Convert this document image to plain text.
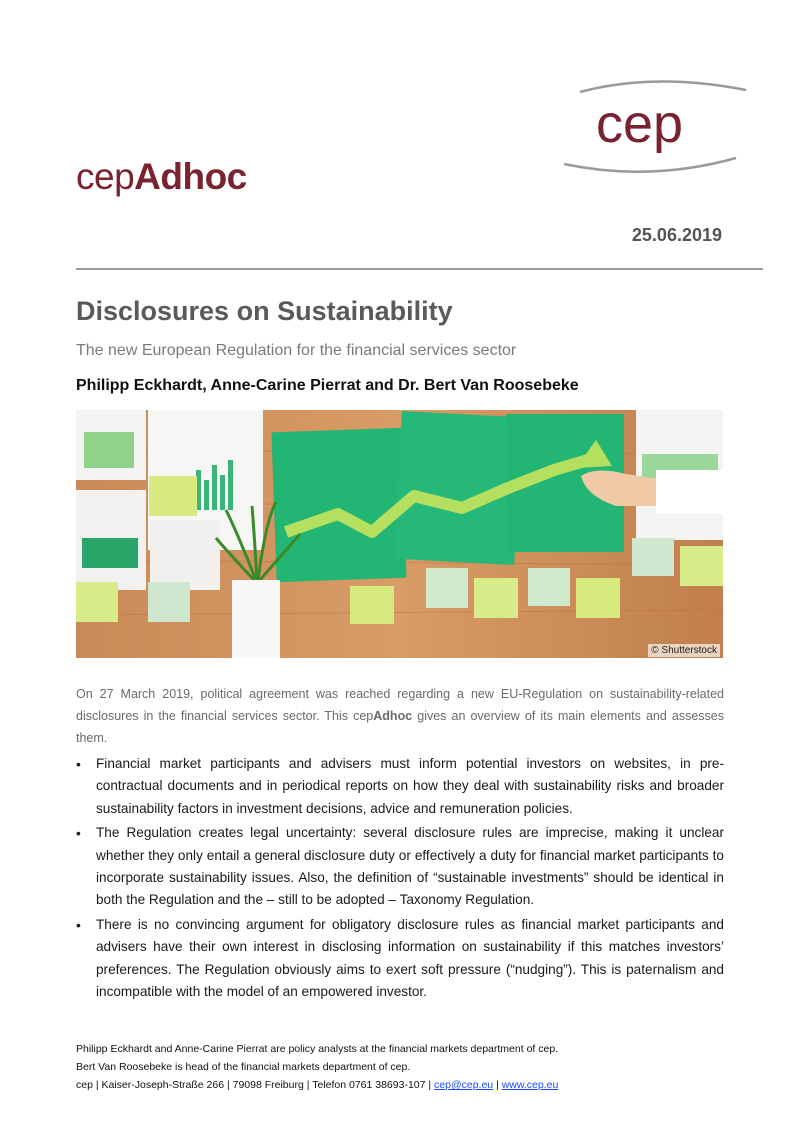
cepAdhoc
cep
25.06.2019
Disclosures on Sustainability
The new European Regulation for the financial services sector
Philipp Eckhardt, Anne-Carine Pierrat and Dr. Bert Van Roosebeke
© Shutterstock
On 27 March 2019, political agreement was reached regarding a new EU-Regulation on sustainability-related disclosures in the financial services sector. This cepAdhoc gives an overview of its main elements and assesses them.
• Financial market participants and advisers must inform potential investors on websites, in pre-contractual documents and in periodical reports on how they deal with sustainability risks and broader sustainability factors in investment decisions, advice and remuneration policies.
• The Regulation creates legal uncertainty: several disclosure rules are imprecise, making it unclear whether they only entail a general disclosure duty or effectively a duty for financial market participants to incorporate sustainability issues. Also, the definition of “sustainable investments” should be identical in both the Regulation and the – still to be adopted – Taxonomy Regulation.
• There is no convincing argument for obligatory disclosure rules as financial market participants and advisers have their own interest in disclosing information on sustainability if this matches investors’ preferences. The Regulation obviously aims to exert soft pressure (“nudging”). This is paternalism and incompatible with the model of an empowered investor.
Philipp Eckhardt and Anne-Carine Pierrat are policy analysts at the financial markets department of cep.
Bert Van Roosebeke is head of the financial markets department of cep.
cep | Kaiser-Joseph-Straße 266 | 79098 Freiburg | Telefon 0761 38693-107 | cep@cep.eu | www.cep.eu
